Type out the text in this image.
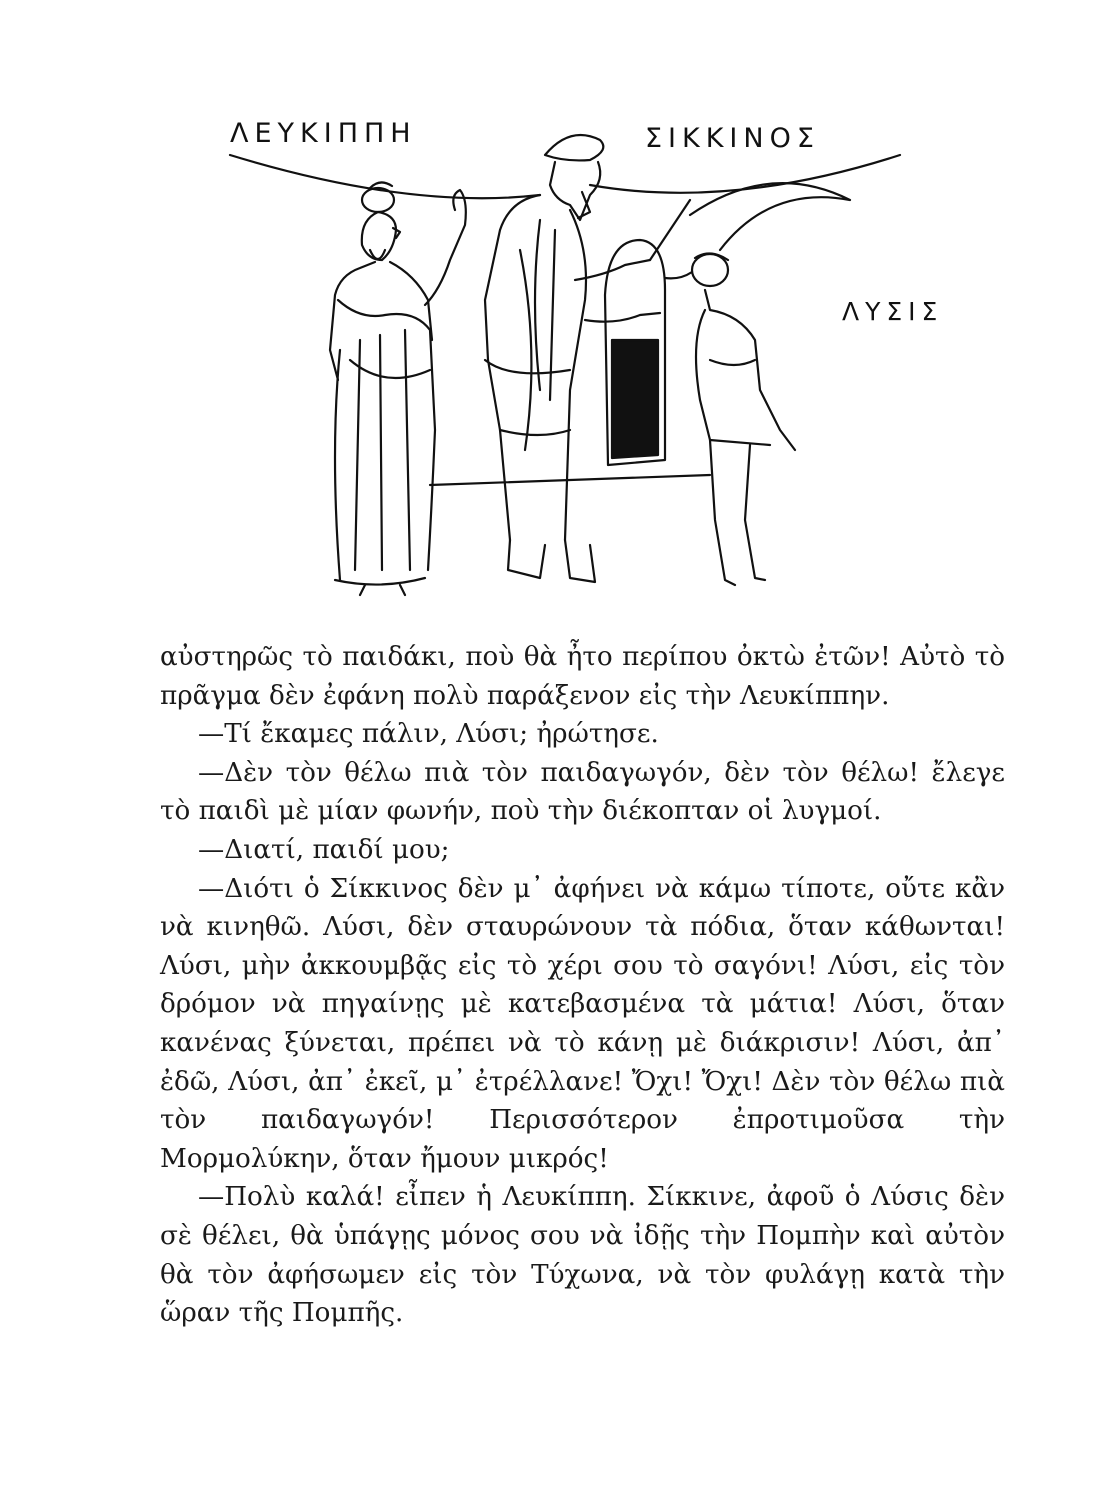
ΛΕΥΚΙΠΠΗ	ΣΙΚΚΙΝΟΣ
ΛΥΣΙΣ

αὐστηρῶς τὸ παιδάκι, ποὺ θὰ ἦτο περίπου ὀκτὼ ἐτῶν! Αὐτὸ τὸ πρᾶγμα δὲν ἐφάνη πολὺ παράξενον εἰς τὴν Λευκίππην.

—Τί ἔκαμες πάλιν, Λύσι; ἠρώτησε.

—Δὲν τὸν θέλω πιὰ τὸν παιδαγωγόν, δὲν τὸν θέλω! ἔλεγε τὸ παιδὶ μὲ μίαν φωνήν, ποὺ τὴν διέκοπταν οἱ λυγμοί.

—Διατί, παιδί μου;

—Διότι ὁ Σίκκινος δὲν μ᾿ ἀφήνει νὰ κάμω τίποτε, οὔτε κἂν νὰ κινηθῶ. Λύσι, δὲν σταυρώνουν τὰ πόδια, ὅταν κάθωνται! Λύσι, μὴν ἀκκουμβᾷς εἰς τὸ χέρι σου τὸ σαγόνι! Λύσι, εἰς τὸν δρόμον νὰ πηγαίνῃς μὲ κατεβασμένα τὰ μάτια! Λύσι, ὅταν κανένας ξύνεται, πρέπει νὰ τὸ κάνῃ μὲ διάκρισιν! Λύσι, ἀπ᾿ ἐδῶ, Λύσι, ἀπ᾿ ἐκεῖ, μ᾿ ἐτρέλλανε! Ὄχι! Ὄχι! Δὲν τὸν θέλω πιὰ τὸν παιδαγωγόν! Περισσότερον ἐπροτιμοῦσα τὴν Μορμολύκην, ὅταν ἤμουν μικρός!

—Πολὺ καλά! εἶπεν ἡ Λευκίππη. Σίκκινε, ἀφοῦ ὁ Λύσις δὲν σὲ θέλει, θὰ ὑπάγῃς μόνος σου νὰ ἰδῇς τὴν Πομπὴν καὶ αὐτὸν θὰ τὸν ἀφήσωμεν εἰς τὸν Τύχωνα, νὰ τὸν φυλάγῃ κατὰ τὴν ὥραν τῆς Πομπῆς.
